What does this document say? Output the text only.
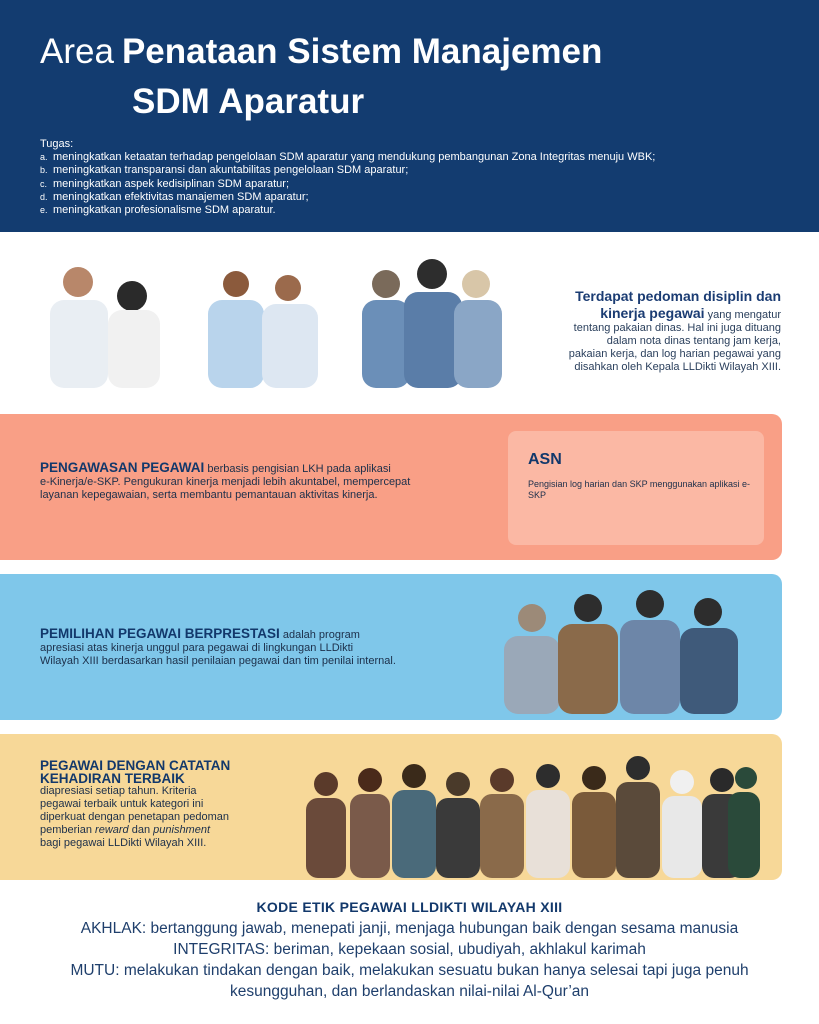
Area Penataan Sistem Manajemen
SDM Aparatur
Tugas:
a. meningkatkan ketaatan terhadap pengelolaan SDM aparatur yang mendukung pembangunan Zona Integritas menuju WBK;
b. meningkatkan transparansi dan akuntabilitas pengelolaan SDM aparatur;
c. meningkatkan aspek kedisiplinan SDM aparatur;
d. meningkatkan efektivitas manajemen SDM aparatur;
e. meningkatkan profesionalisme SDM aparatur.
Terdapat pedoman disiplin dan
kinerja pegawai yang mengatur
tentang pakaian dinas. Hal ini juga dituang
dalam nota dinas tentang jam kerja,
pakaian kerja, dan log harian pegawai yang
disahkan oleh Kepala LLDikti Wilayah XIII.
PENGAWASAN PEGAWAI berbasis pengisian LKH pada aplikasi
e-Kinerja/e-SKP. Pengukuran kinerja menjadi lebih akuntabel, mempercepat
layanan kepegawaian, serta membantu pemantauan aktivitas kinerja.
ASN
Pengisian log harian dan SKP menggunakan aplikasi e-SKP
PEMILIHAN PEGAWAI BERPRESTASI adalah program
apresiasi atas kinerja unggul para pegawai di lingkungan LLDikti
Wilayah XIII berdasarkan hasil penilaian pegawai dan tim penilai internal.
PEGAWAI DENGAN CATATAN
KEHADIRAN TERBAIK
diapresiasi setiap tahun. Kriteria
pegawai terbaik untuk kategori ini
diperkuat dengan penetapan pedoman
pemberian reward dan punishment
bagi pegawai LLDikti Wilayah XIII.
KODE ETIK PEGAWAI LLDIKTI WILAYAH XIII
AKHLAK: bertanggung jawab, menepati janji, menjaga hubungan baik dengan sesama manusia
INTEGRITAS: beriman, kepekaan sosial, ubudiyah, akhlakul karimah
MUTU: melakukan tindakan dengan baik, melakukan sesuatu bukan hanya selesai tapi juga penuh
kesungguhan, dan berlandaskan nilai-nilai Al-Qur’an
